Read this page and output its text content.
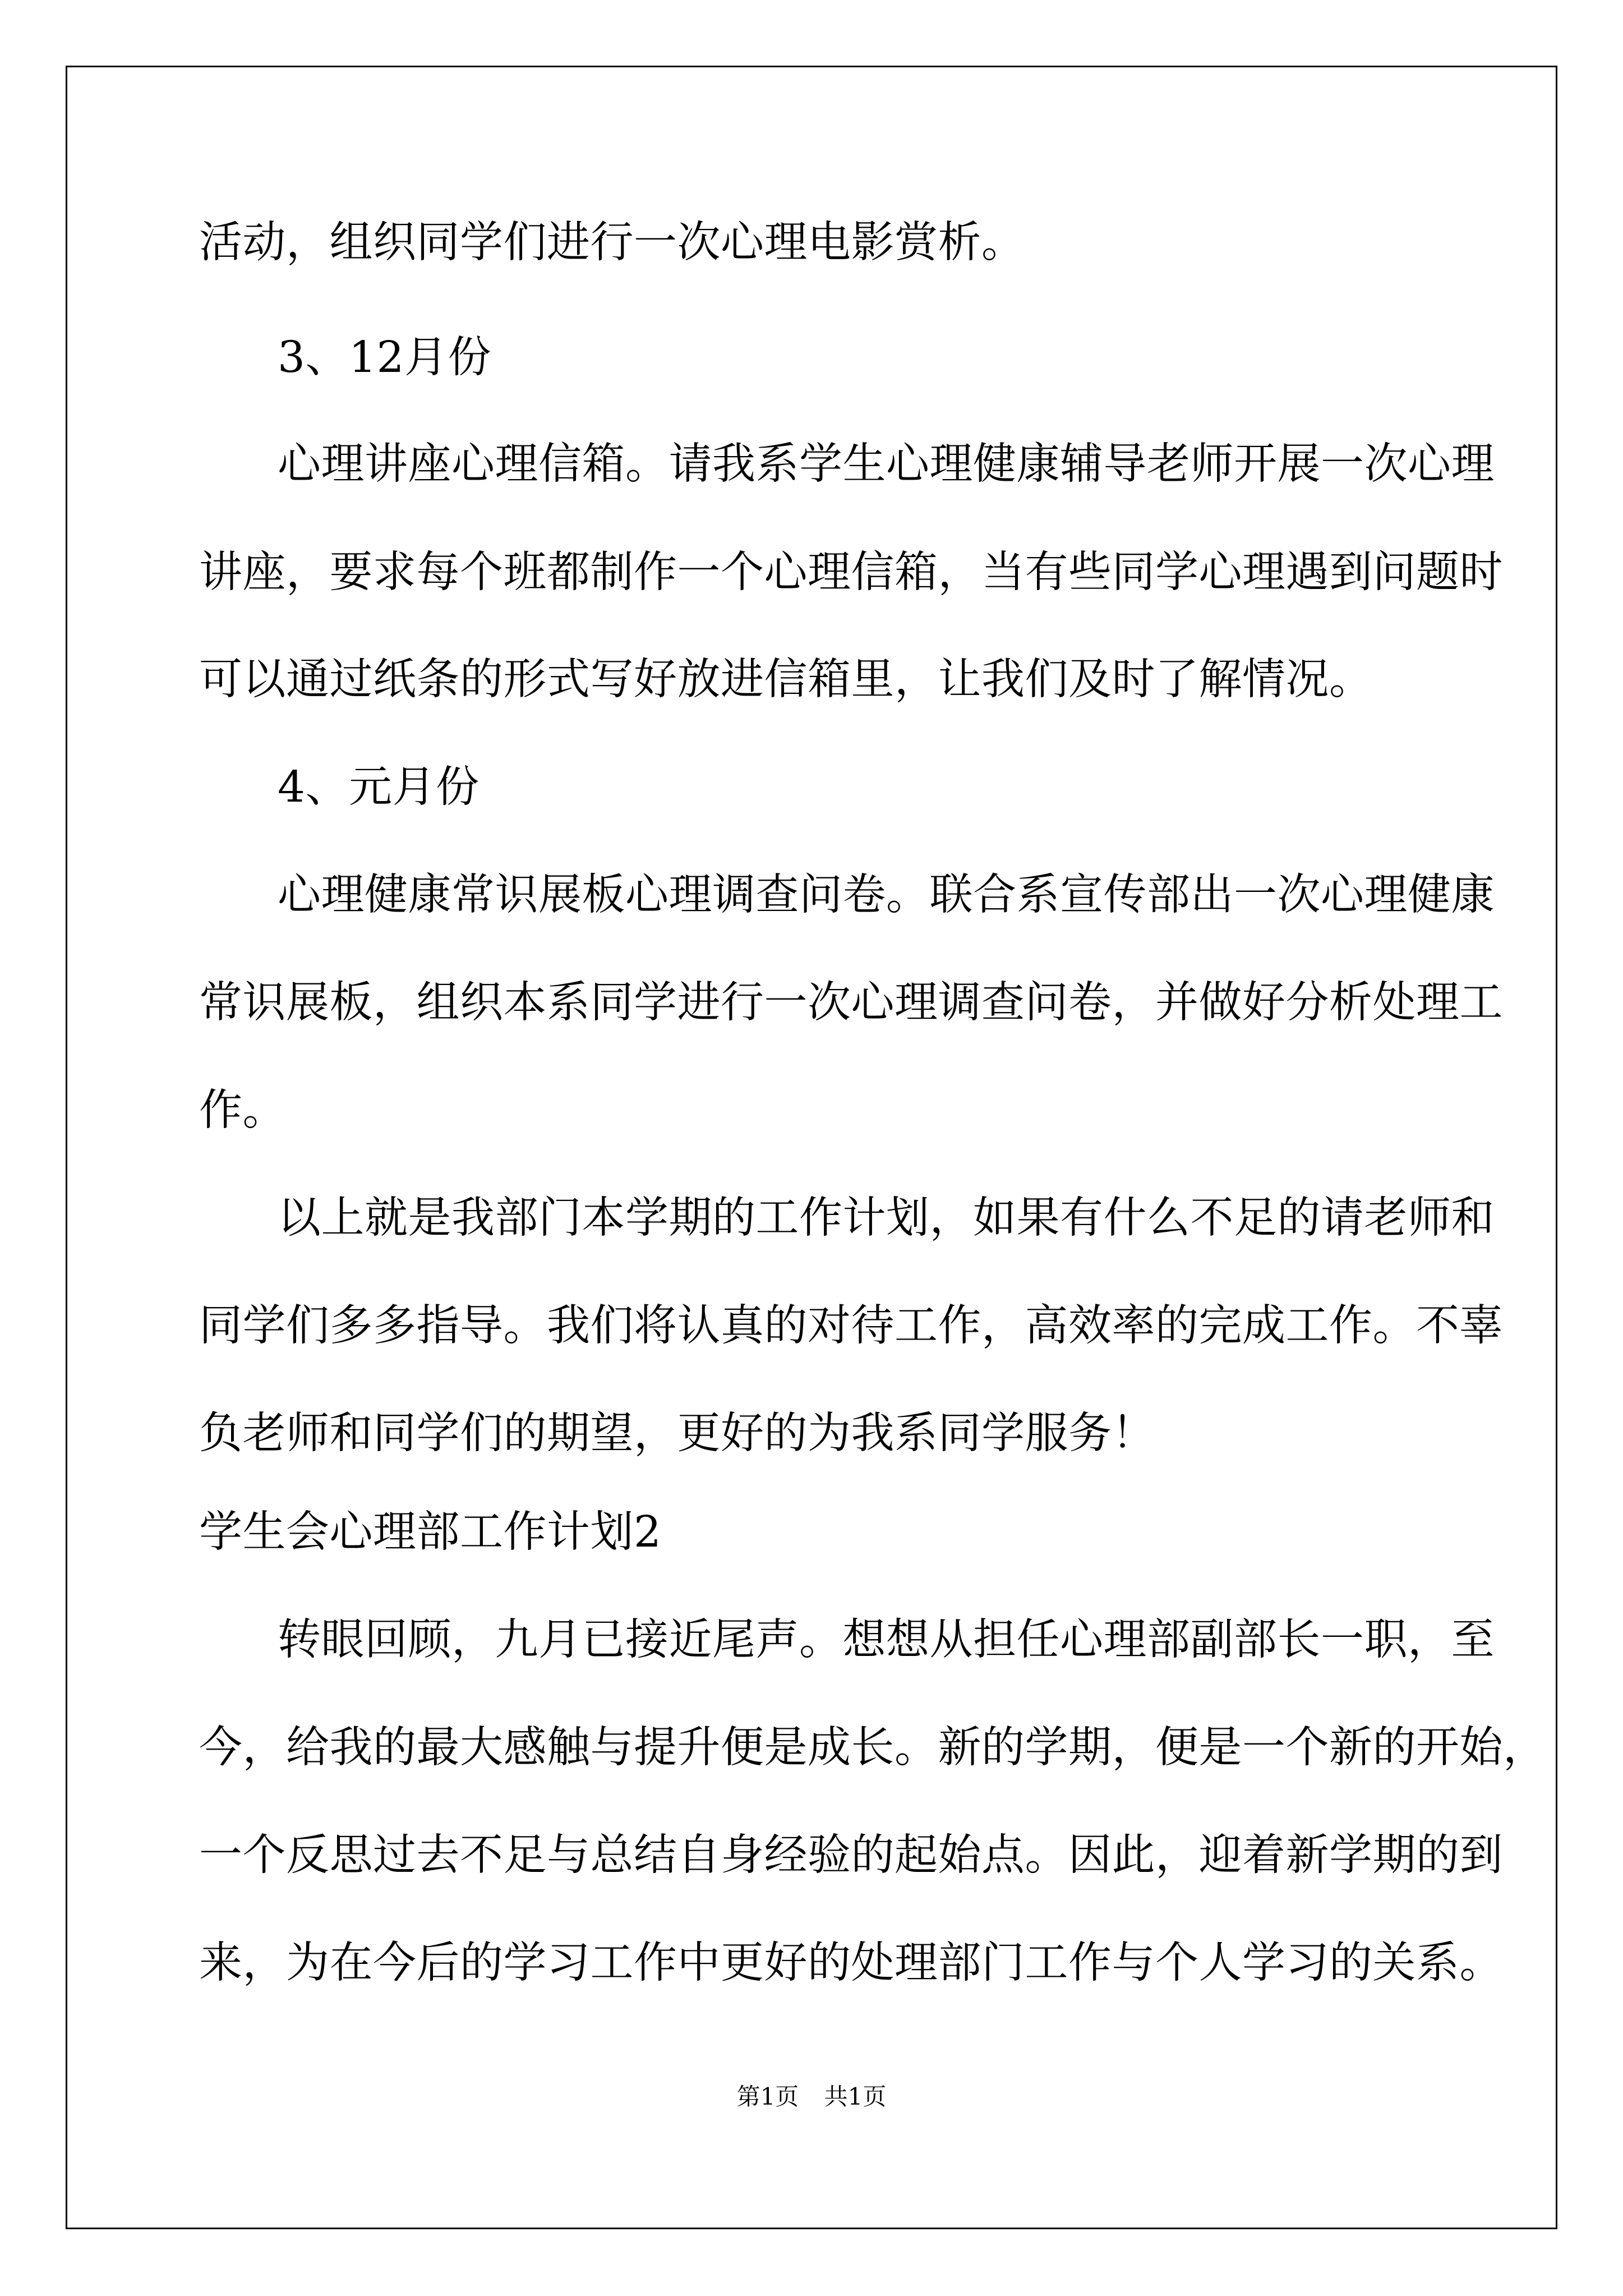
活动，组织同学们进行一次心理电影赏析。
3、12月份
心理讲座心理信箱。请我系学生心理健康辅导老师开展一次心理
讲座，要求每个班都制作一个心理信箱，当有些同学心理遇到问题时
可以通过纸条的形式写好放进信箱里，让我们及时了解情况。
4、元月份
心理健康常识展板心理调查问卷。联合系宣传部出一次心理健康
常识展板，组织本系同学进行一次心理调查问卷，并做好分析处理工
作。
以上就是我部门本学期的工作计划，如果有什么不足的请老师和
同学们多多指导。我们将认真的对待工作，高效率的完成工作。不辜
负老师和同学们的期望，更好的为我系同学服务！
学生会心理部工作计划2
转眼回顾，九月已接近尾声。想想从担任心理部副部长一职，至
今，给我的最大感触与提升便是成长。新的学期，便是一个新的开始，
一个反思过去不足与总结自身经验的起始点。因此，迎着新学期的到
来，为在今后的学习工作中更好的处理部门工作与个人学习的关系。
第1页 共1页
